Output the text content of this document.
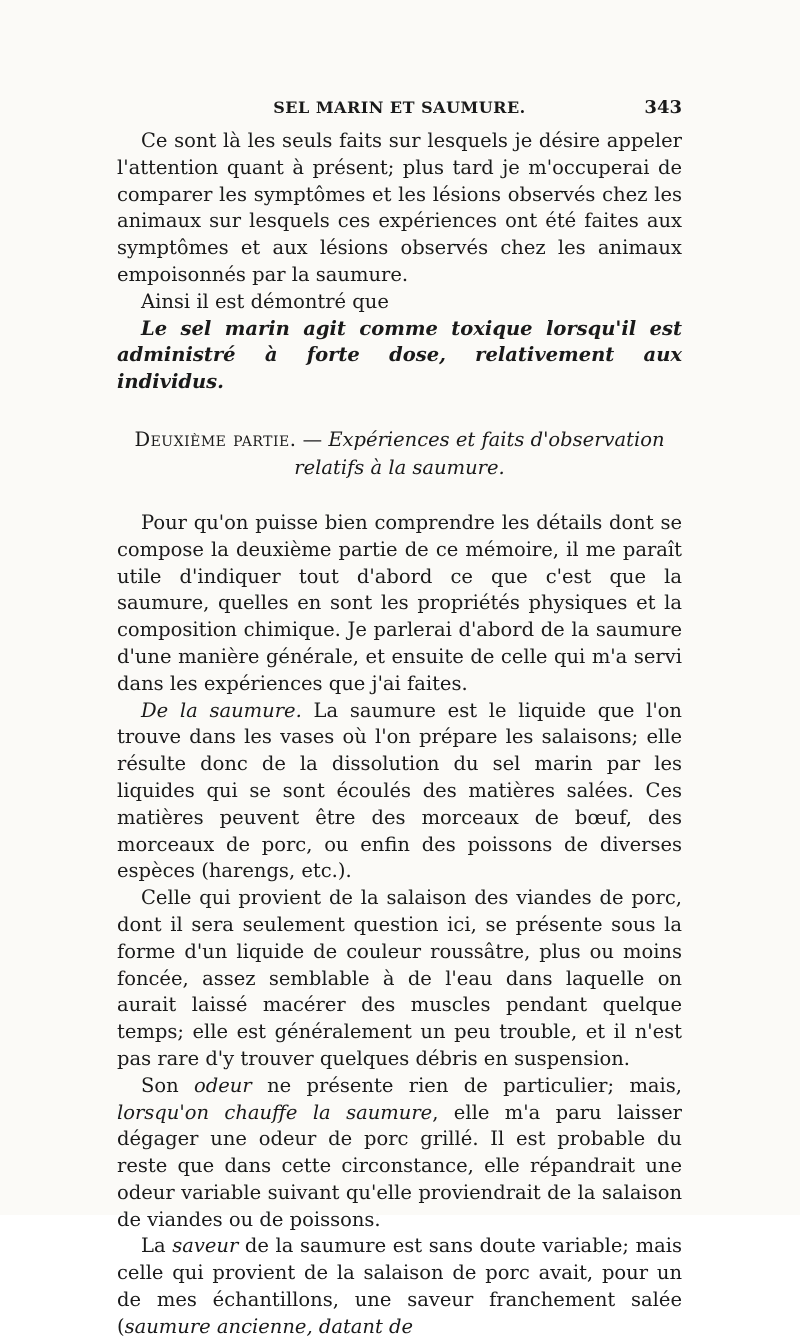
SEL MARIN ET SAUMURE.	343

Ce sont là les seuls faits sur lesquels je désire appeler l'attention quant à présent; plus tard je m'occuperai de comparer les symptômes et les lésions observés chez les animaux sur lesquels ces expériences ont été faites aux symptômes et aux lésions observés chez les animaux empoisonnés par la saumure.

Ainsi il est démontré que

Le sel marin agit comme toxique lorsqu'il est administré à forte dose, relativement aux individus.

Deuxième partie. — Expériences et faits d'observation
relatifs à la saumure.

Pour qu'on puisse bien comprendre les détails dont se compose la deuxième partie de ce mémoire, il me paraît utile d'indiquer tout d'abord ce que c'est que la saumure, quelles en sont les propriétés physiques et la composition chimique. Je parlerai d'abord de la saumure d'une manière générale, et ensuite de celle qui m'a servi dans les expériences que j'ai faites.

De la saumure. La saumure est le liquide que l'on trouve dans les vases où l'on prépare les salaisons; elle résulte donc de la dissolution du sel marin par les liquides qui se sont écoulés des matières salées. Ces matières peuvent être des morceaux de bœuf, des morceaux de porc, ou enfin des poissons de diverses espèces (harengs, etc.).

Celle qui provient de la salaison des viandes de porc, dont il sera seulement question ici, se présente sous la forme d'un liquide de couleur roussâtre, plus ou moins foncée, assez semblable à de l'eau dans laquelle on aurait laissé macérer des muscles pendant quelque temps; elle est généralement un peu trouble, et il n'est pas rare d'y trouver quelques débris en suspension.

Son odeur ne présente rien de particulier; mais, lorsqu'on chauffe la saumure, elle m'a paru laisser dégager une odeur de porc grillé. Il est probable du reste que dans cette circonstance, elle répandrait une odeur variable suivant qu'elle proviendrait de la salaison de viandes ou de poissons.

La saveur de la saumure est sans doute variable; mais celle qui provient de la salaison de porc avait, pour un de mes échantillons, une saveur franchement salée (saumure ancienne, datant de
